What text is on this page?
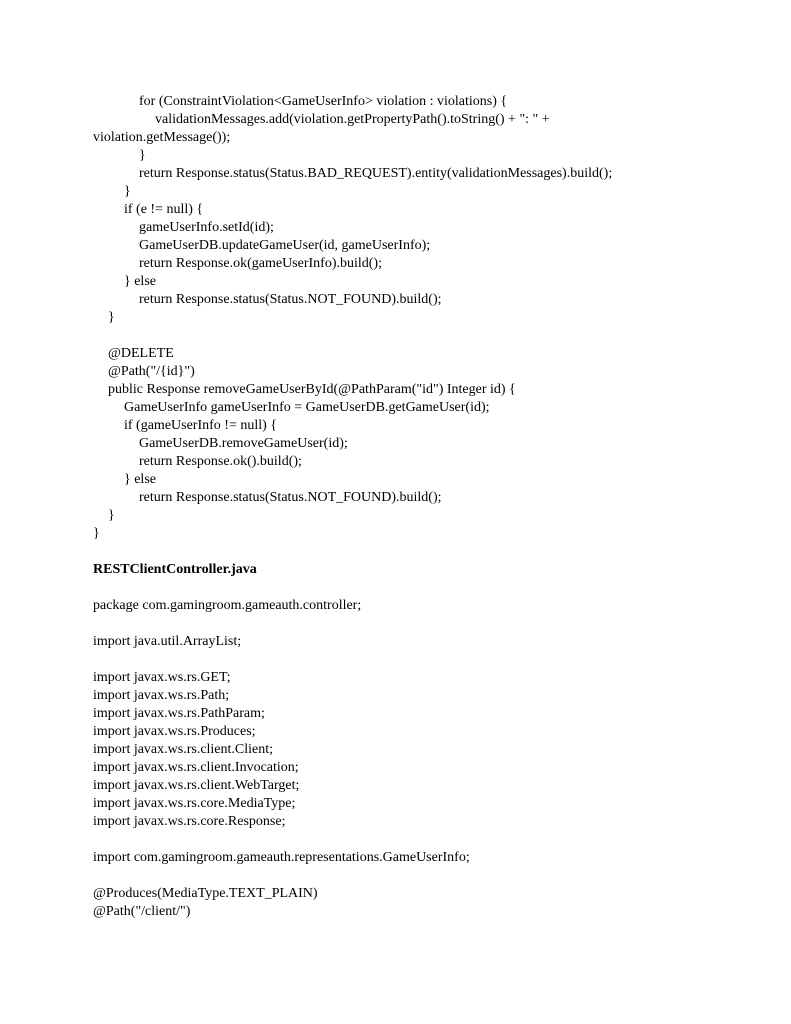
for (ConstraintViolation<GameUserInfo> violation : violations) {
validationMessages.add(violation.getPropertyPath().toString() + ": " +
violation.getMessage());
}
return Response.status(Status.BAD_REQUEST).entity(validationMessages).build();
}
if (e != null) {
gameUserInfo.setId(id);
GameUserDB.updateGameUser(id, gameUserInfo);
return Response.ok(gameUserInfo).build();
} else
return Response.status(Status.NOT_FOUND).build();
}
@DELETE
@Path("/{id}")
public Response removeGameUserById(@PathParam("id") Integer id) {
GameUserInfo gameUserInfo = GameUserDB.getGameUser(id);
if (gameUserInfo != null) {
GameUserDB.removeGameUser(id);
return Response.ok().build();
} else
return Response.status(Status.NOT_FOUND).build();
}
}
RESTClientController.java
package com.gamingroom.gameauth.controller;
import java.util.ArrayList;
import javax.ws.rs.GET;
import javax.ws.rs.Path;
import javax.ws.rs.PathParam;
import javax.ws.rs.Produces;
import javax.ws.rs.client.Client;
import javax.ws.rs.client.Invocation;
import javax.ws.rs.client.WebTarget;
import javax.ws.rs.core.MediaType;
import javax.ws.rs.core.Response;
import com.gamingroom.gameauth.representations.GameUserInfo;
@Produces(MediaType.TEXT_PLAIN)
@Path("/client/")
